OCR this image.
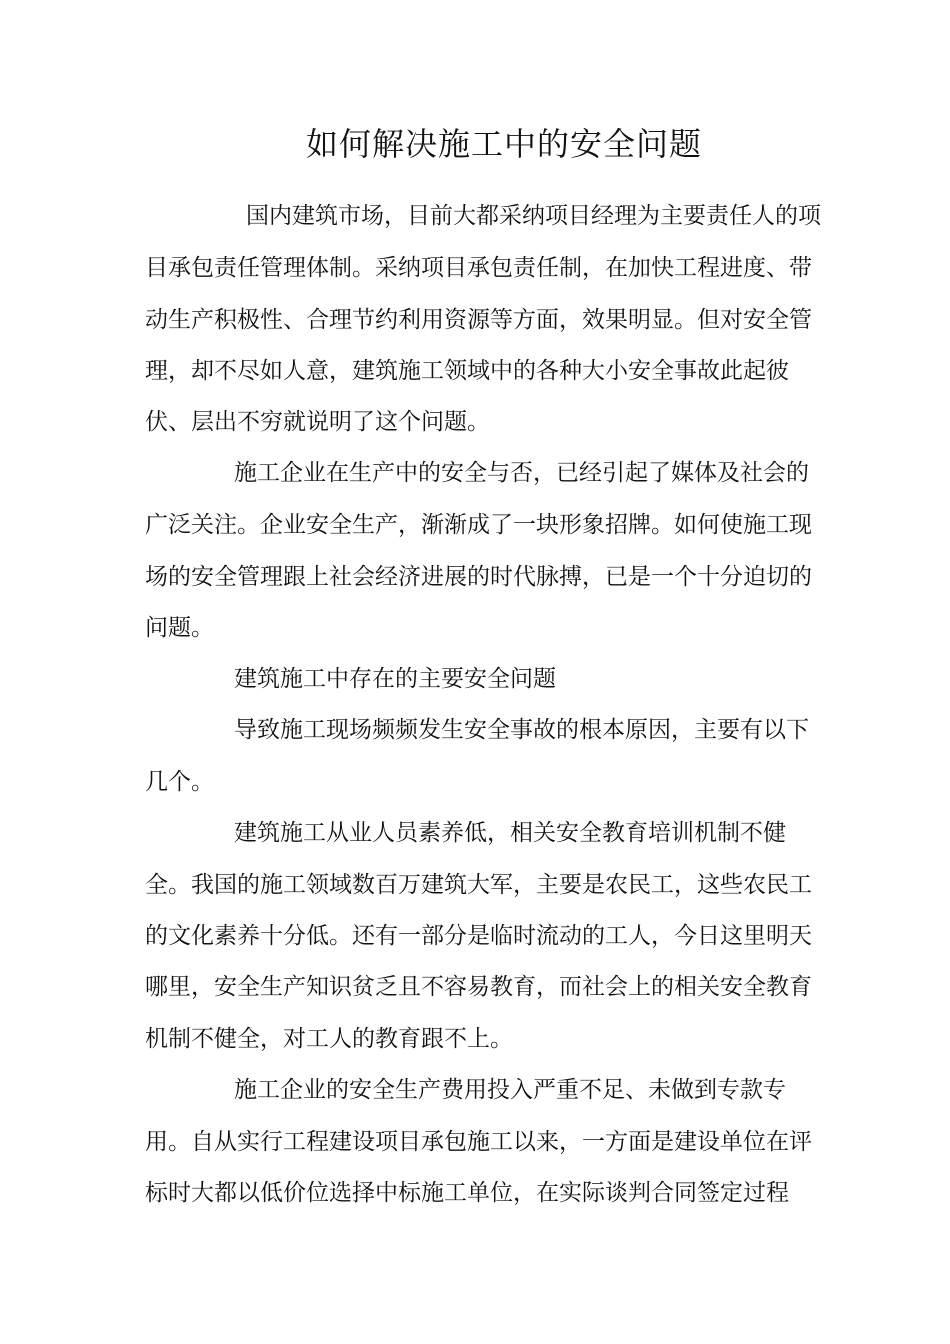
如何解决施工中的安全问题
国内建筑市场，目前大都采纳项目经理为主要责任人的项
目承包责任管理体制。采纳项目承包责任制，在加快工程进度、带
动生产积极性、合理节约利用资源等方面，效果明显。但对安全管
理，却不尽如人意，建筑施工领域中的各种大小安全事故此起彼
伏、层出不穷就说明了这个问题。
施工企业在生产中的安全与否，已经引起了媒体及社会的
广泛关注。企业安全生产，渐渐成了一块形象招牌。如何使施工现
场的安全管理跟上社会经济进展的时代脉搏，已是一个十分迫切的
问题。
建筑施工中存在的主要安全问题
导致施工现场频频发生安全事故的根本原因，主要有以下
几个。
建筑施工从业人员素养低，相关安全教育培训机制不健
全。我国的施工领域数百万建筑大军，主要是农民工，这些农民工
的文化素养十分低。还有一部分是临时流动的工人，今日这里明天
哪里，安全生产知识贫乏且不容易教育，而社会上的相关安全教育
机制不健全，对工人的教育跟不上。
施工企业的安全生产费用投入严重不足、未做到专款专
用。自从实行工程建设项目承包施工以来，一方面是建设单位在评
标时大都以低价位选择中标施工单位，在实际谈判合同签定过程
